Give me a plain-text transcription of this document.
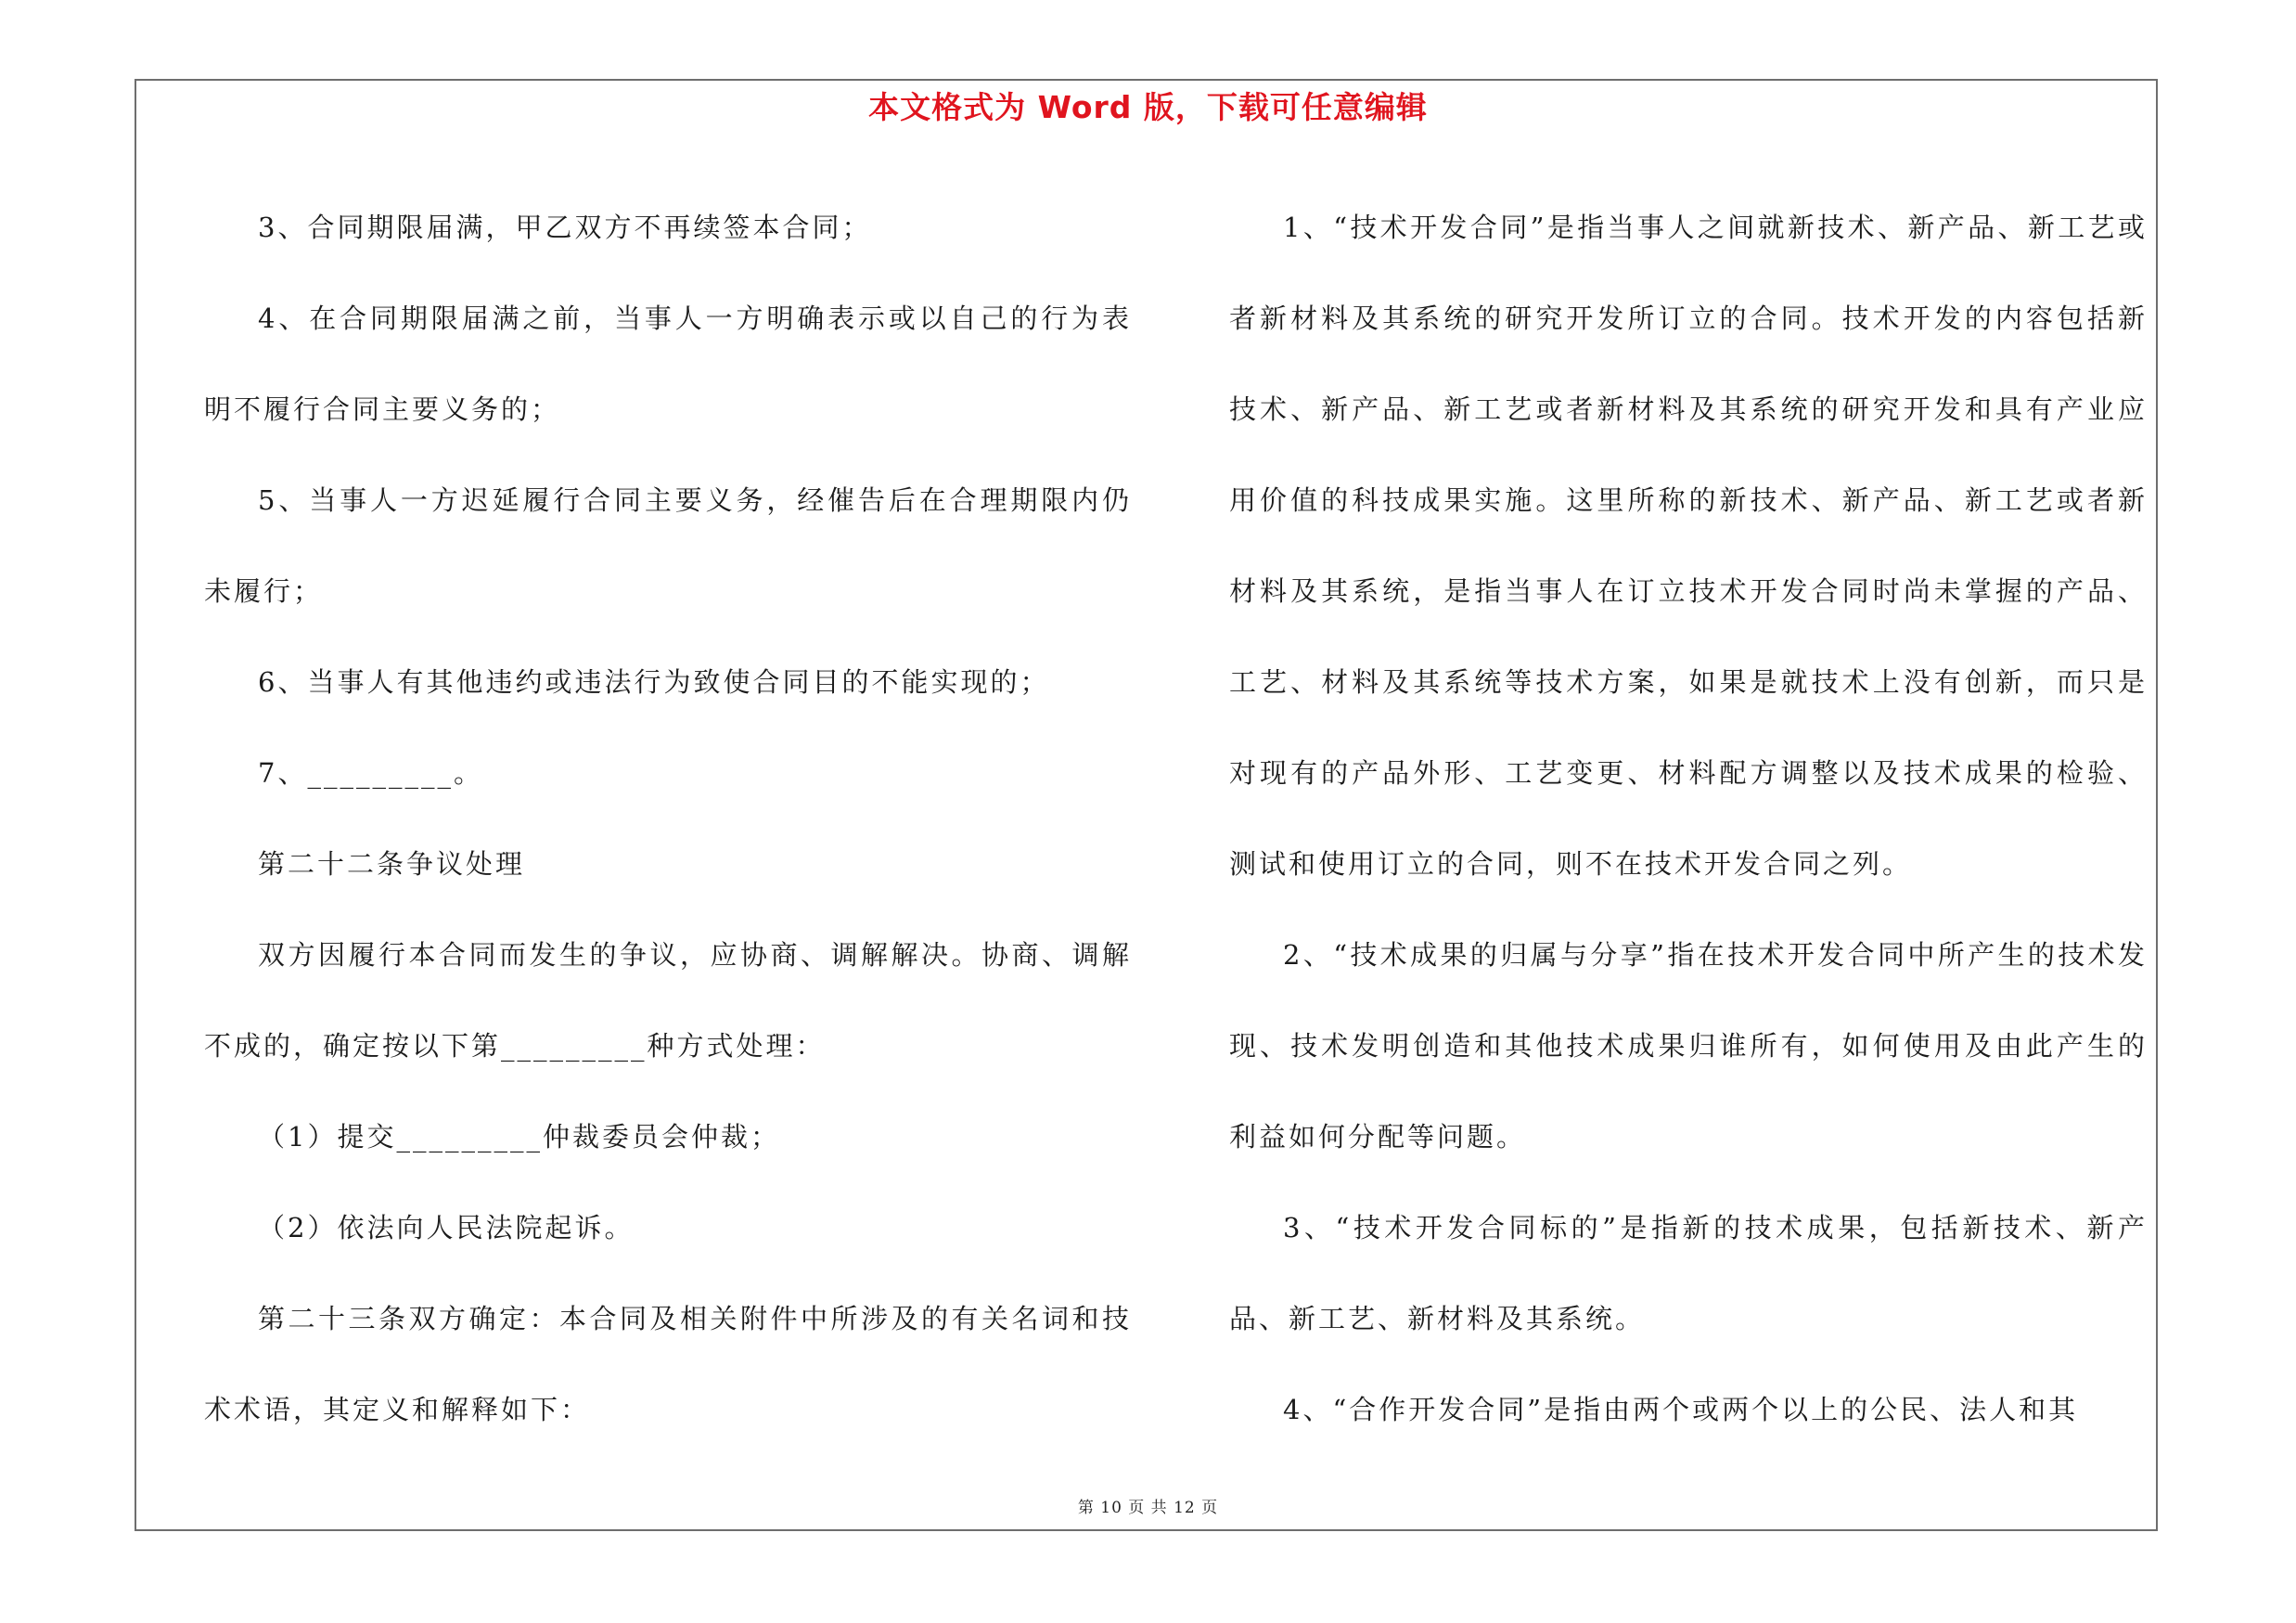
本文格式为 Word 版，下载可任意编辑

3、合同期限届满，甲乙双方不再续签本合同；

4、在合同期限届满之前，当事人一方明确表示或以自己的行为表明不履行合同主要义务的；

5、当事人一方迟延履行合同主要义务，经催告后在合理期限内仍未履行；

6、当事人有其他违约或违法行为致使合同目的不能实现的；

7、_________。

第二十二条争议处理

双方因履行本合同而发生的争议，应协商、调解解决。协商、调解不成的，确定按以下第_________种方式处理：

（1）提交_________仲裁委员会仲裁；

（2）依法向人民法院起诉。

第二十三条双方确定：本合同及相关附件中所涉及的有关名词和技术术语，其定义和解释如下：

1、“技术开发合同”是指当事人之间就新技术、新产品、新工艺或者新材料及其系统的研究开发所订立的合同。技术开发的内容包括新技术、新产品、新工艺或者新材料及其系统的研究开发和具有产业应用价值的科技成果实施。这里所称的新技术、新产品、新工艺或者新材料及其系统，是指当事人在订立技术开发合同时尚未掌握的产品、工艺、材料及其系统等技术方案，如果是就技术上没有创新，而只是对现有的产品外形、工艺变更、材料配方调整以及技术成果的检验、测试和使用订立的合同，则不在技术开发合同之列。

2、“技术成果的归属与分享”指在技术开发合同中所产生的技术发现、技术发明创造和其他技术成果归谁所有，如何使用及由此产生的利益如何分配等问题。

3、“技术开发合同标的”是指新的技术成果，包括新技术、新产品、新工艺、新材料及其系统。

4、“合作开发合同”是指由两个或两个以上的公民、法人和其

第 10 页 共 12 页
